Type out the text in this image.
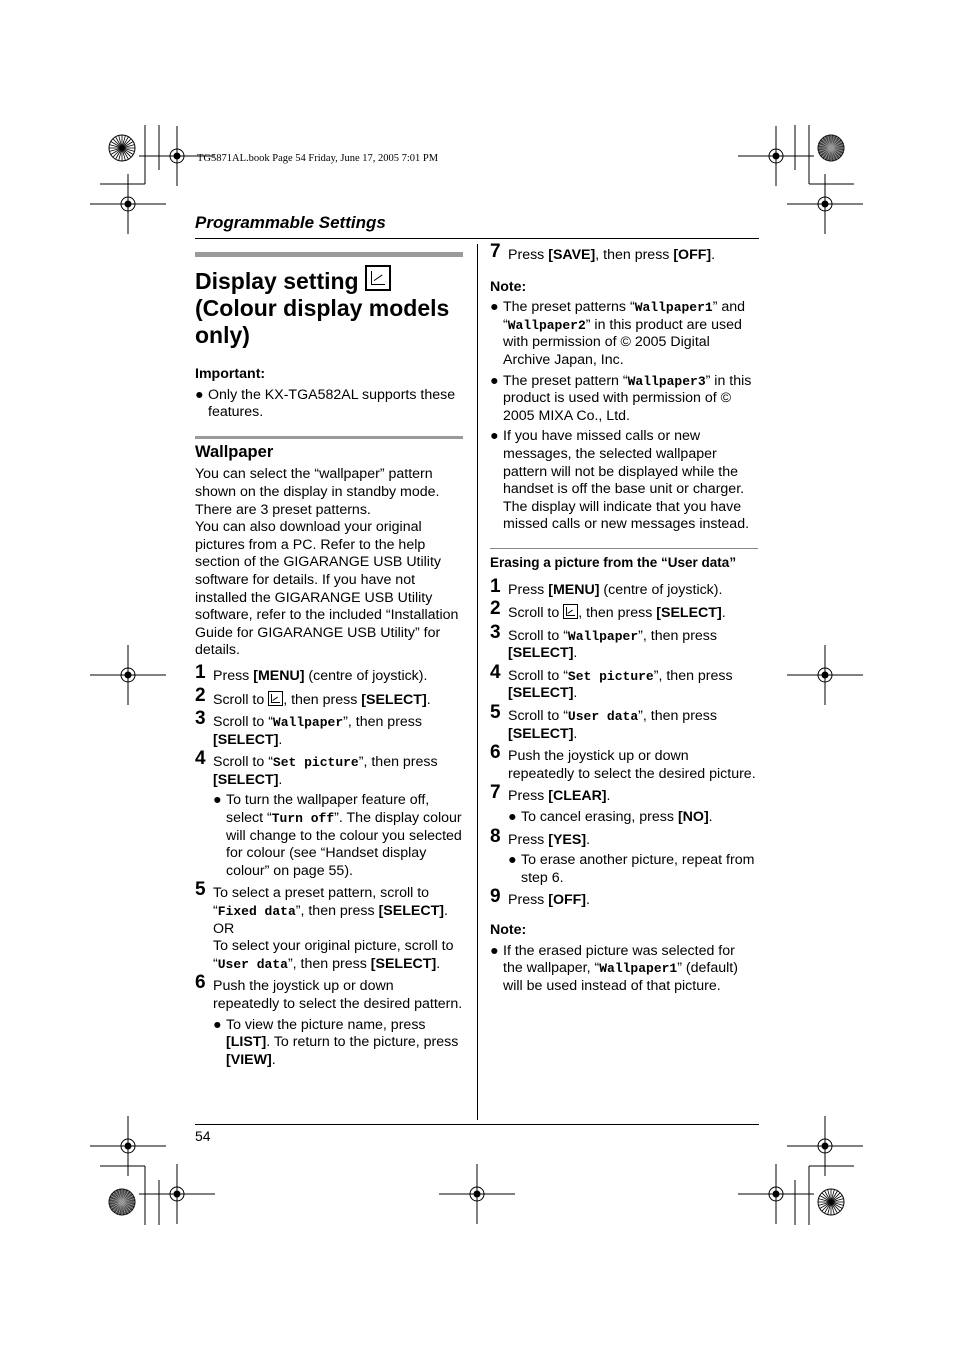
TG5871AL.book Page 54 Friday, June 17, 2005 7:01 PM
Programmable Settings
54
Display setting
(Colour display models only)
Important:
● Only the KX-TGA582AL supports these features.
Wallpaper

You can select the “wallpaper” pattern shown on the display in standby mode. There are 3 preset patterns.

You can also download your original pictures from a PC. Refer to the help section of the GIGARANGE USB Utility software for details. If you have not installed the GIGARANGE USB Utility software, refer to the included “Installation Guide for GIGARANGE USB Utility” for details.

1 Press [MENU] (centre of joystick).
2 Scroll to , then press [SELECT].
3 Scroll to “Wallpaper”, then press [SELECT].
4 Scroll to “Set picture”, then press [SELECT].
● To turn the wallpaper feature off, select “Turn off”. The display colour will change to the colour you selected for colour (see “Handset display colour” on page 55).
5 To select a preset pattern, scroll to “Fixed data”, then press [SELECT].
OR
To select your original picture, scroll to “User data”, then press [SELECT].
6 Push the joystick up or down repeatedly to select the desired pattern.
● To view the picture name, press [LIST]. To return to the picture, press [VIEW].
7 Press [SAVE], then press [OFF].
Note:
● The preset patterns “Wallpaper1” and “Wallpaper2” in this product are used with permission of © 2005 Digital Archive Japan, Inc.
● The preset pattern “Wallpaper3” in this product is used with permission of © 2005 MIXA Co., Ltd.
● If you have missed calls or new messages, the selected wallpaper pattern will not be displayed while the handset is off the base unit or charger. The display will indicate that you have missed calls or new messages instead.
Erasing a picture from the “User data”
1 Press [MENU] (centre of joystick).
2 Scroll to , then press [SELECT].
3 Scroll to “Wallpaper”, then press [SELECT].
4 Scroll to “Set picture”, then press [SELECT].
5 Scroll to “User data”, then press [SELECT].
6 Push the joystick up or down repeatedly to select the desired picture.
7 Press [CLEAR].
● To cancel erasing, press [NO].
8 Press [YES].
● To erase another picture, repeat from step 6.
9 Press [OFF].
Note:
● If the erased picture was selected for the wallpaper, “Wallpaper1” (default) will be used instead of that picture.
